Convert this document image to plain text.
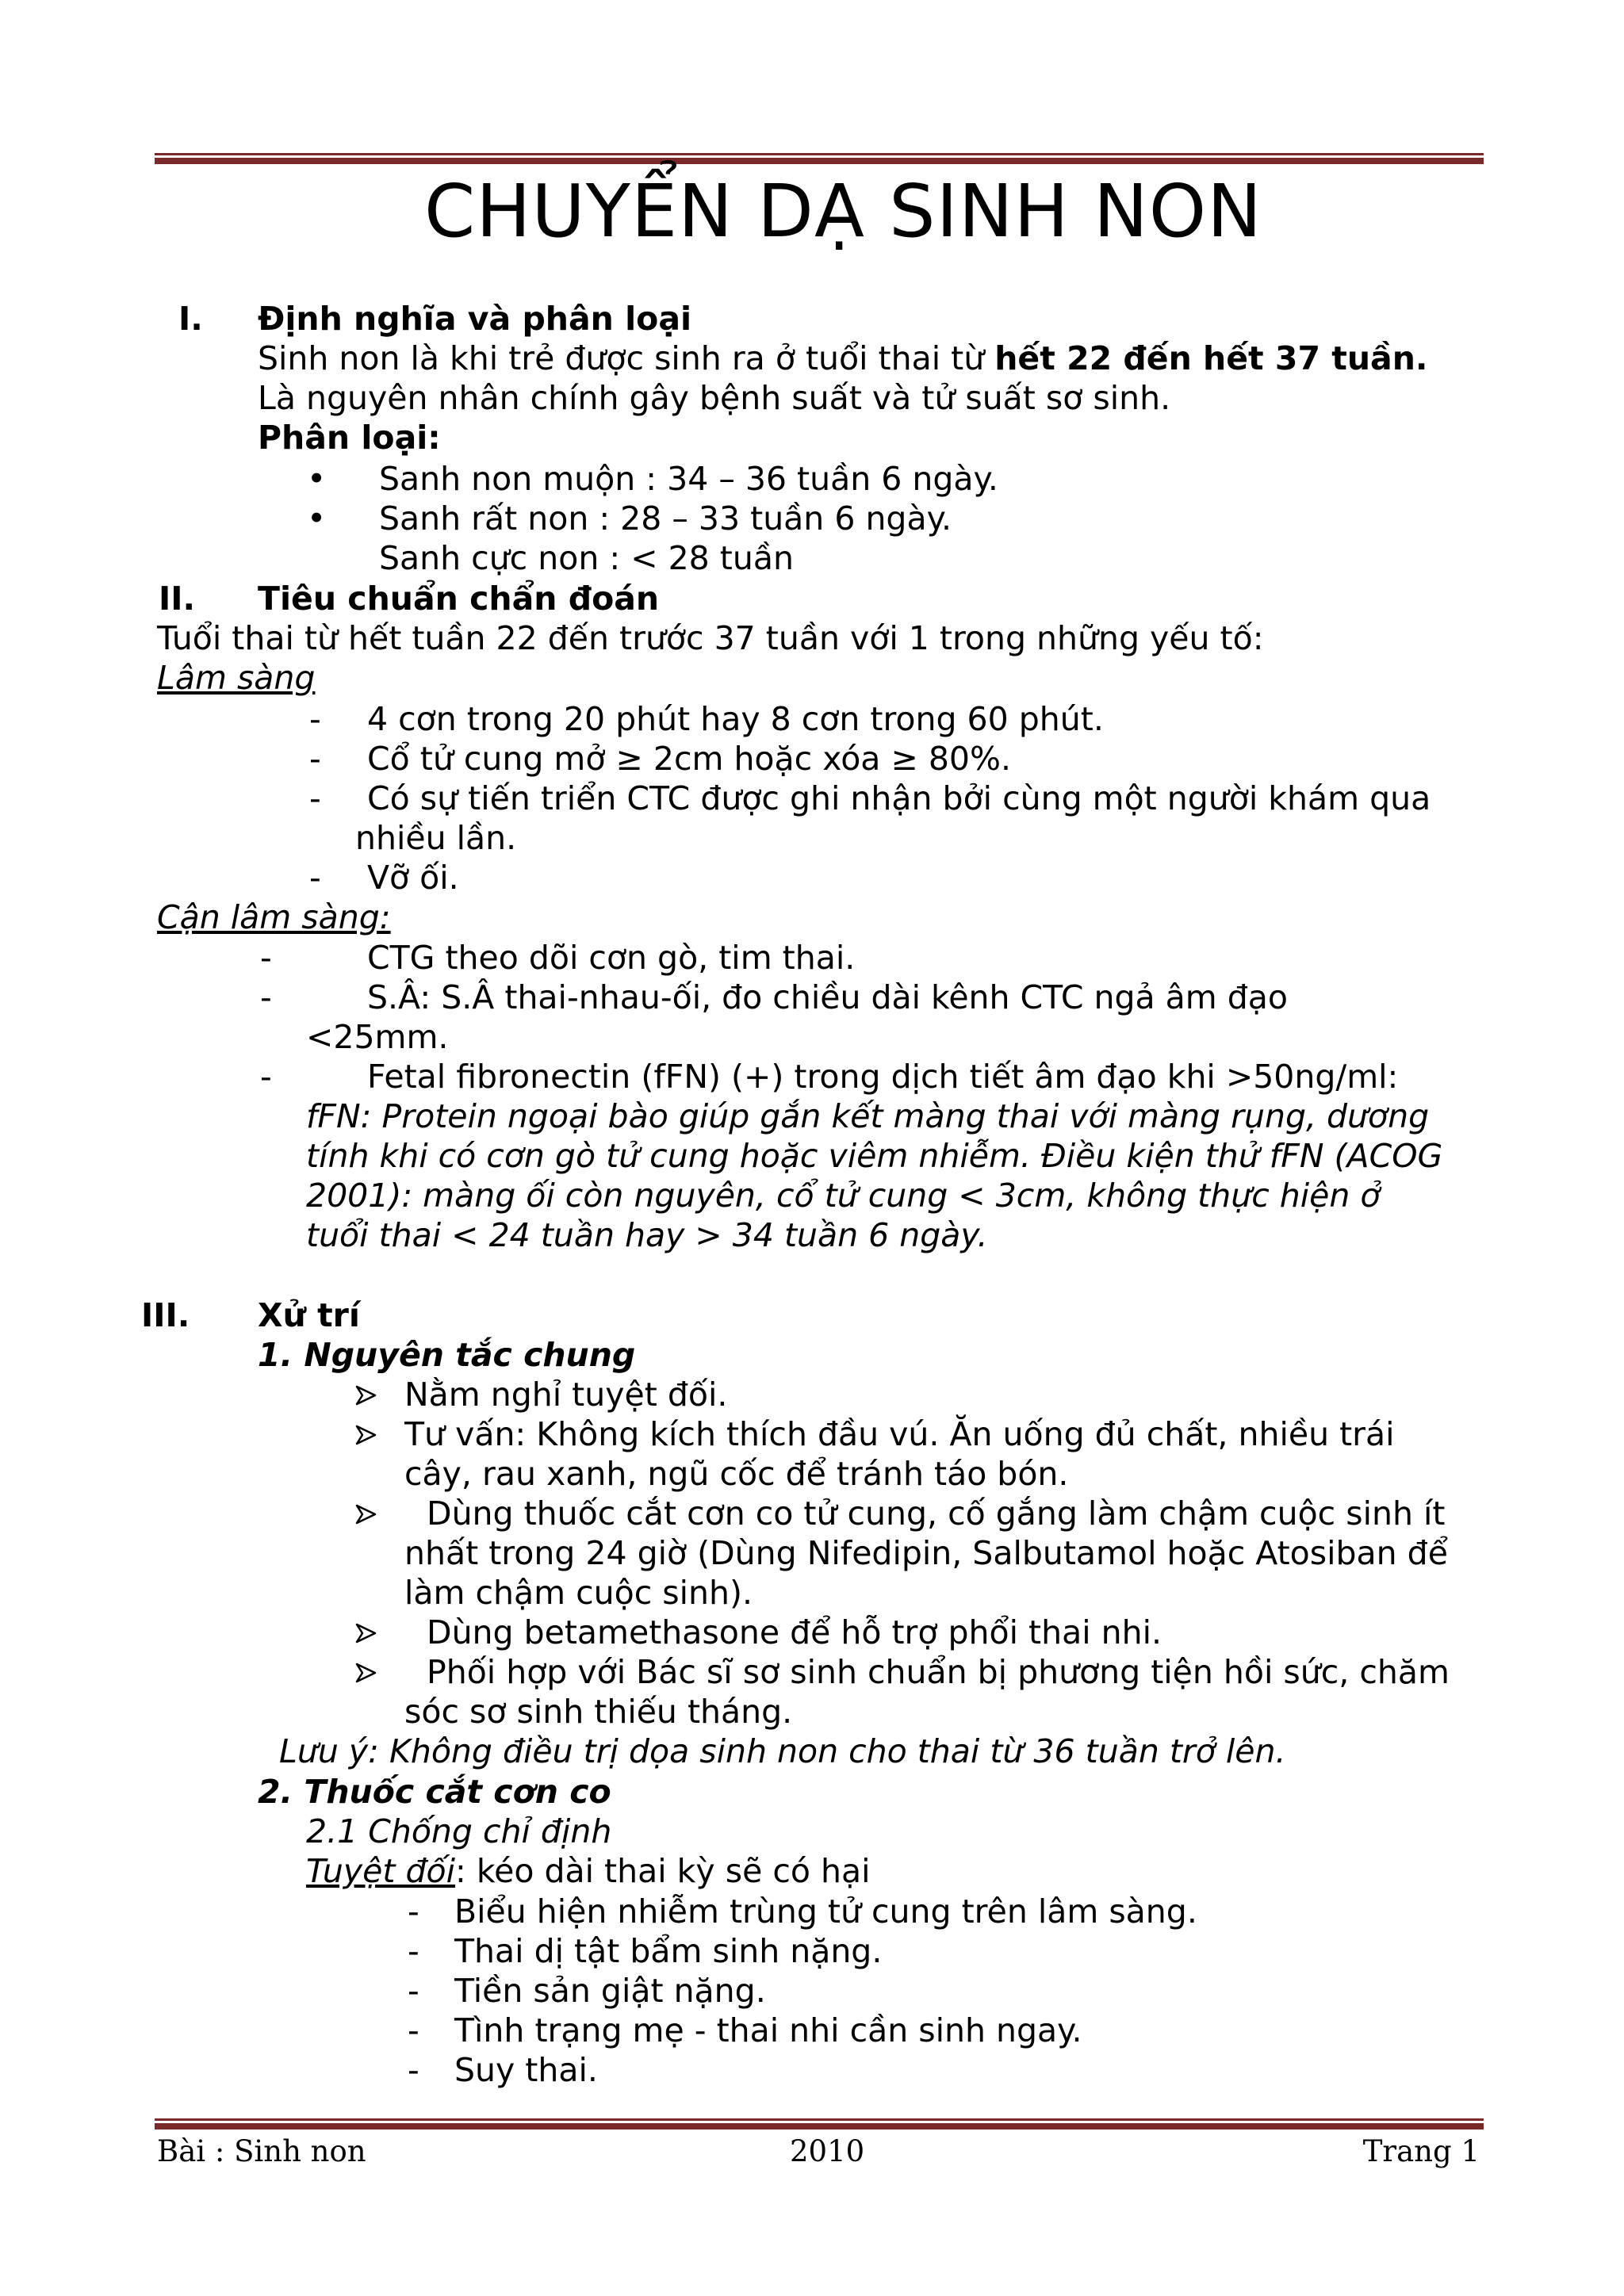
CHUYỂN DẠ SINH NON
I. Định nghĩa và phân loại
Sinh non là khi trẻ được sinh ra ở tuổi thai từ hết 22 đến hết 37 tuần.
Là nguyên nhân chính gây bệnh suất và tử suất sơ sinh.
Phân loại:
• Sanh non muộn : 34 – 36 tuần 6 ngày.
• Sanh rất non : 28 – 33 tuần 6 ngày.
Sanh cực non : < 28 tuần
II. Tiêu chuẩn chẩn đoán
Tuổi thai từ hết tuần 22 đến trước 37 tuần với 1 trong những yếu tố:
Lâm sàng
- 4 cơn trong 20 phút hay 8 cơn trong 60 phút.
- Cổ tử cung mở ≥ 2cm hoặc xóa ≥ 80%.
- Có sự tiến triển CTC được ghi nhận bởi cùng một người khám qua
nhiều lần.
- Vỡ ối.
Cận lâm sàng:
-	CTG theo dõi cơn gò, tim thai.
-	S.Â: S.Â thai-nhau-ối, đo chiều dài kênh CTC ngả âm đạo
<25mm.
-	Fetal fibronectin (fFN) (+) trong dịch tiết âm đạo khi >50ng/ml:
fFN: Protein ngoại bào giúp gắn kết màng thai với màng rụng, dương
tính khi có cơn gò tử cung hoặc viêm nhiễm. Điều kiện thử fFN (ACOG
2001): màng ối còn nguyên, cổ tử cung < 3cm, không thực hiện ở
tuổi thai < 24 tuần hay > 34 tuần 6 ngày.
III. Xử trí
1. Nguyên tắc chung
Nằm nghỉ tuyệt đối.
Tư vấn: Không kích thích đầu vú. Ăn uống đủ chất, nhiều trái
cây, rau xanh, ngũ cốc để tránh táo bón.
Dùng thuốc cắt cơn co tử cung, cố gắng làm chậm cuộc sinh ít
nhất trong 24 giờ (Dùng Nifedipin, Salbutamol hoặc Atosiban để
làm chậm cuộc sinh).
Dùng betamethasone để hỗ trợ phổi thai nhi.
Phối hợp với Bác sĩ sơ sinh chuẩn bị phương tiện hồi sức, chăm
sóc sơ sinh thiếu tháng.
Lưu ý: Không điều trị dọa sinh non cho thai từ 36 tuần trở lên.
2. Thuốc cắt cơn co
2.1 Chống chỉ định
Tuyệt đối: kéo dài thai kỳ sẽ có hại
- Biểu hiện nhiễm trùng tử cung trên lâm sàng.
- Thai dị tật bẩm sinh nặng.
- Tiền sản giật nặng.
- Tình trạng mẹ - thai nhi cần sinh ngay.
- Suy thai.
Bài : Sinh non	2010	Trang 1
